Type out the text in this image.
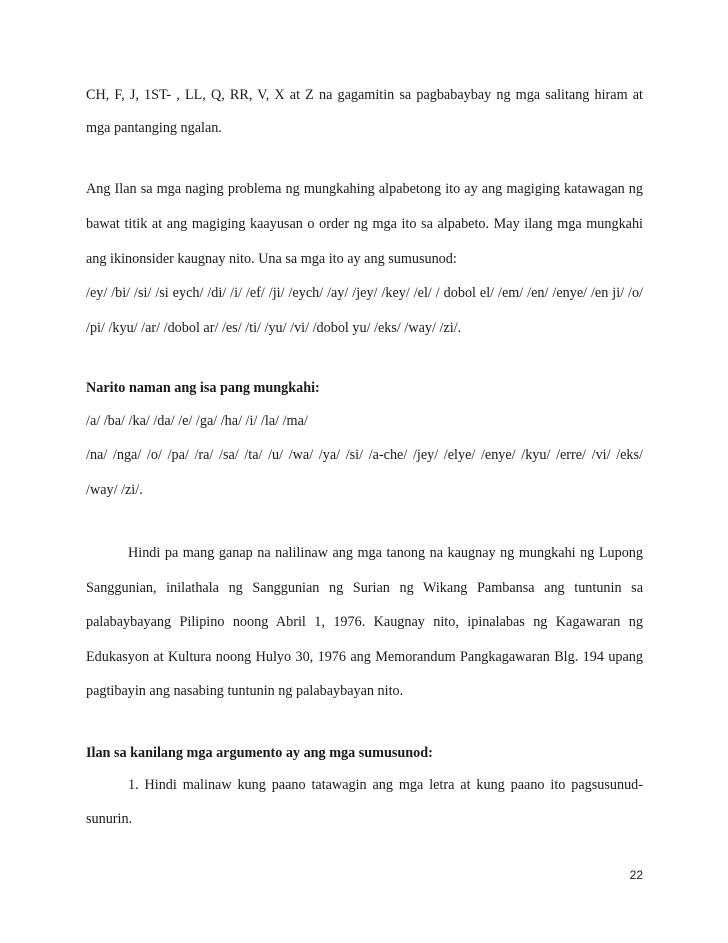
CH, F, J, 1ST- , LL, Q, RR, V, X at Z na gagamitin sa pagbabaybay ng mga salitang hiram at
mga pantanging ngalan.
Ang Ilan sa mga naging problema ng mungkahing alpabetong ito ay ang magiging katawagan ng
bawat titik at ang magiging kaayusan o order ng mga ito sa alpabeto. May ilang mga mungkahi
ang ikinonsider kaugnay nito. Una sa mga ito ay ang sumusunod:
/ey/ /bi/ /si/ /si eych/ /di/ /i/ /ef/ /ji/ /eych/ /ay/ /jey/ /key/ /el/ / dobol el/ /em/ /en/ /enye/ /en ji/ /o/
/pi/ /kyu/ /ar/ /dobol ar/ /es/ /ti/ /yu/ /vi/ /dobol yu/ /eks/ /way/ /zi/.
Narito naman ang isa pang mungkahi:
/a/ /ba/ /ka/ /da/ /e/ /ga/ /ha/ /i/ /la/ /ma/
/na/ /nga/ /o/ /pa/ /ra/ /sa/ /ta/ /u/ /wa/ /ya/ /si/ /a-che/ /jey/ /elye/ /enye/ /kyu/ /erre/ /vi/ /eks/
/way/ /zi/.
Hindi pa mang ganap na nalilinaw ang mga tanong na kaugnay ng mungkahi ng Lupong
Sanggunian, inilathala ng Sanggunian ng Surian ng Wikang Pambansa ang tuntunin sa
palabaybayang Pilipino noong Abril 1, 1976. Kaugnay nito, ipinalabas ng Kagawaran ng
Edukasyon at Kultura noong Hulyo 30, 1976 ang Memorandum Pangkagawaran Blg. 194 upang
pagtibayin ang nasabing tuntunin ng palabaybayan nito.
Ilan sa kanilang mga argumento ay ang mga sumusunod:
1. Hindi malinaw kung paano tatawagin ang mga letra at kung paano ito pagsusunud-
sunurin.
22
